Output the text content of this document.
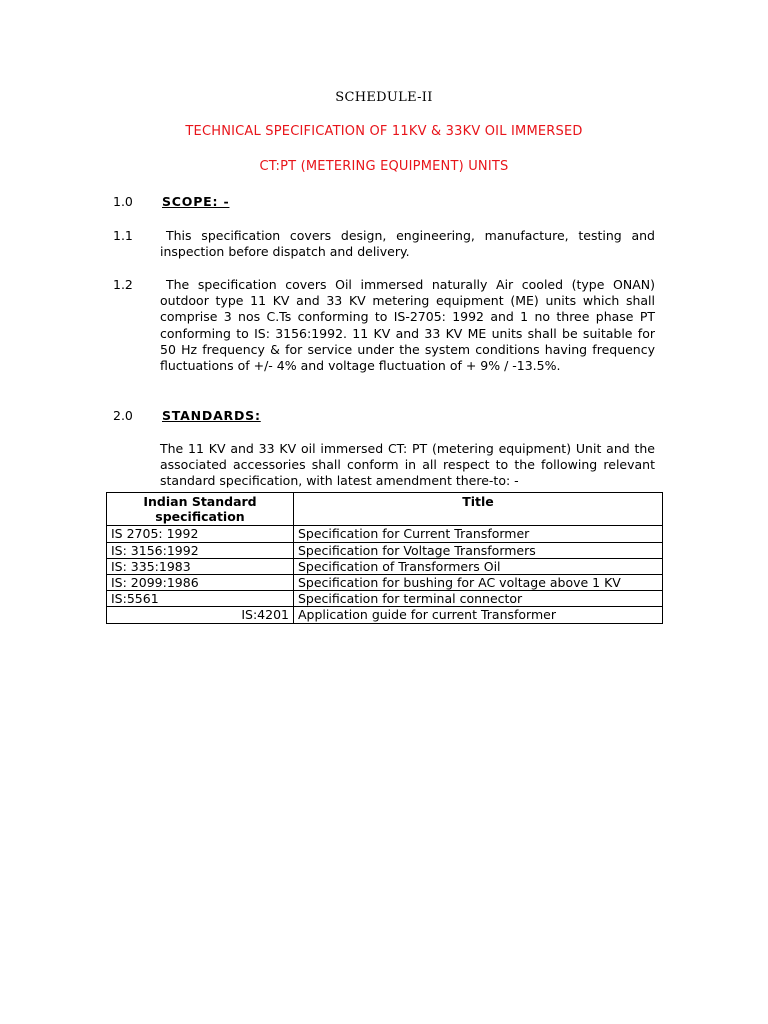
SCHEDULE-II
TECHNICAL SPECIFICATION OF 11KV & 33KV OIL IMMERSED
CT:PT (METERING EQUIPMENT) UNITS
1.0 SCOPE: -
1.1	This specification covers design, engineering, manufacture, testing and inspection before dispatch and delivery.
1.2	The specification covers Oil immersed naturally Air cooled (type ONAN) outdoor type 11 KV and 33 KV metering equipment (ME) units which shall comprise 3 nos C.Ts conforming to IS-2705: 1992 and 1 no three phase PT conforming to IS: 3156:1992. 11 KV and 33 KV ME units shall be suitable for 50 Hz frequency & for service under the system conditions having frequency fluctuations of +/- 4% and voltage fluctuation of + 9% / -13.5%.
2.0 STANDARDS:
The 11 KV and 33 KV oil immersed CT: PT (metering equipment) Unit and the associated accessories shall conform in all respect to the following relevant standard specification, with latest amendment there-to: -
Indian Standard specification	Title
IS 2705: 1992	Specification for Current Transformer
IS: 3156:1992	Specification for Voltage Transformers
IS: 335:1983	Specification of Transformers Oil
IS: 2099:1986	Specification for bushing for AC voltage above 1 KV
IS:5561	Specification for terminal connector
IS:4201	Application guide for current Transformer
